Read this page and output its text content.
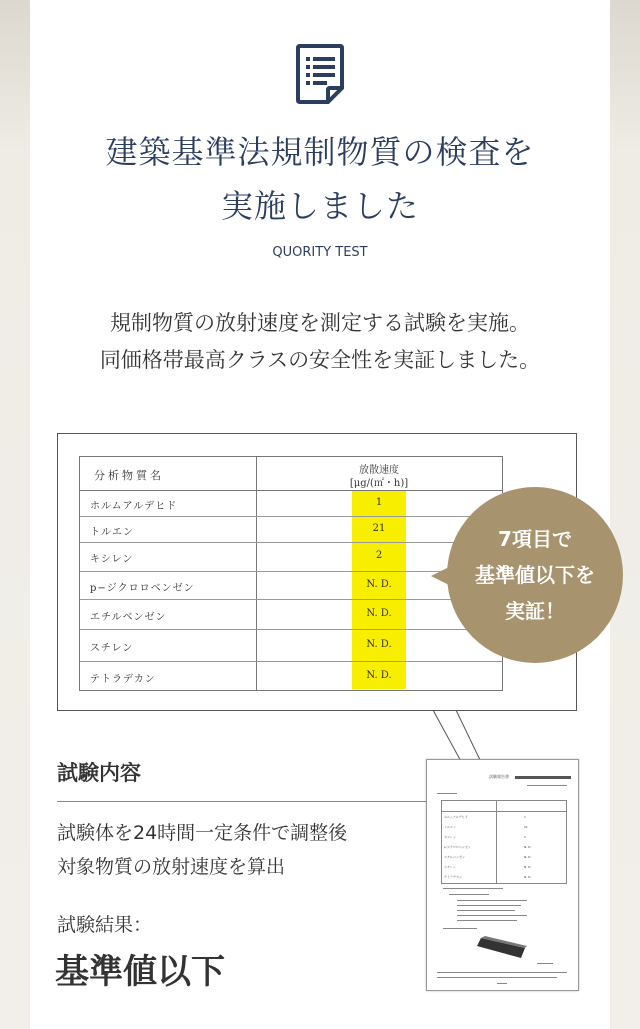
建築基準法規制物質の検査を
実施しました
QUORITY TEST
規制物質の放射速度を測定する試験を実施。
同価格帯最高クラスの安全性を実証しました。
分析物質名	放散速度
[μg/(㎡・h)]
ホルムアルデヒド	1
トルエン	21
キシレン	2
p−ジクロロベンゼン	N. D.
エチルベンゼン	N. D.
スチレン	N. D.
テトラデカン	N. D.
7項目で
基準値以下を
実証！
試験内容
試験体を24時間一定条件で調整後
対象物質の放射速度を算出
試験結果：
基準値以下
試験報告書
ホルムアルデヒド	1
トルエン	21
キシレン	2
p-ジクロロベンゼン	N. D.
エチルベンゼン	N. D.
スチレン	N. D.
テトラデカン	N. D.
